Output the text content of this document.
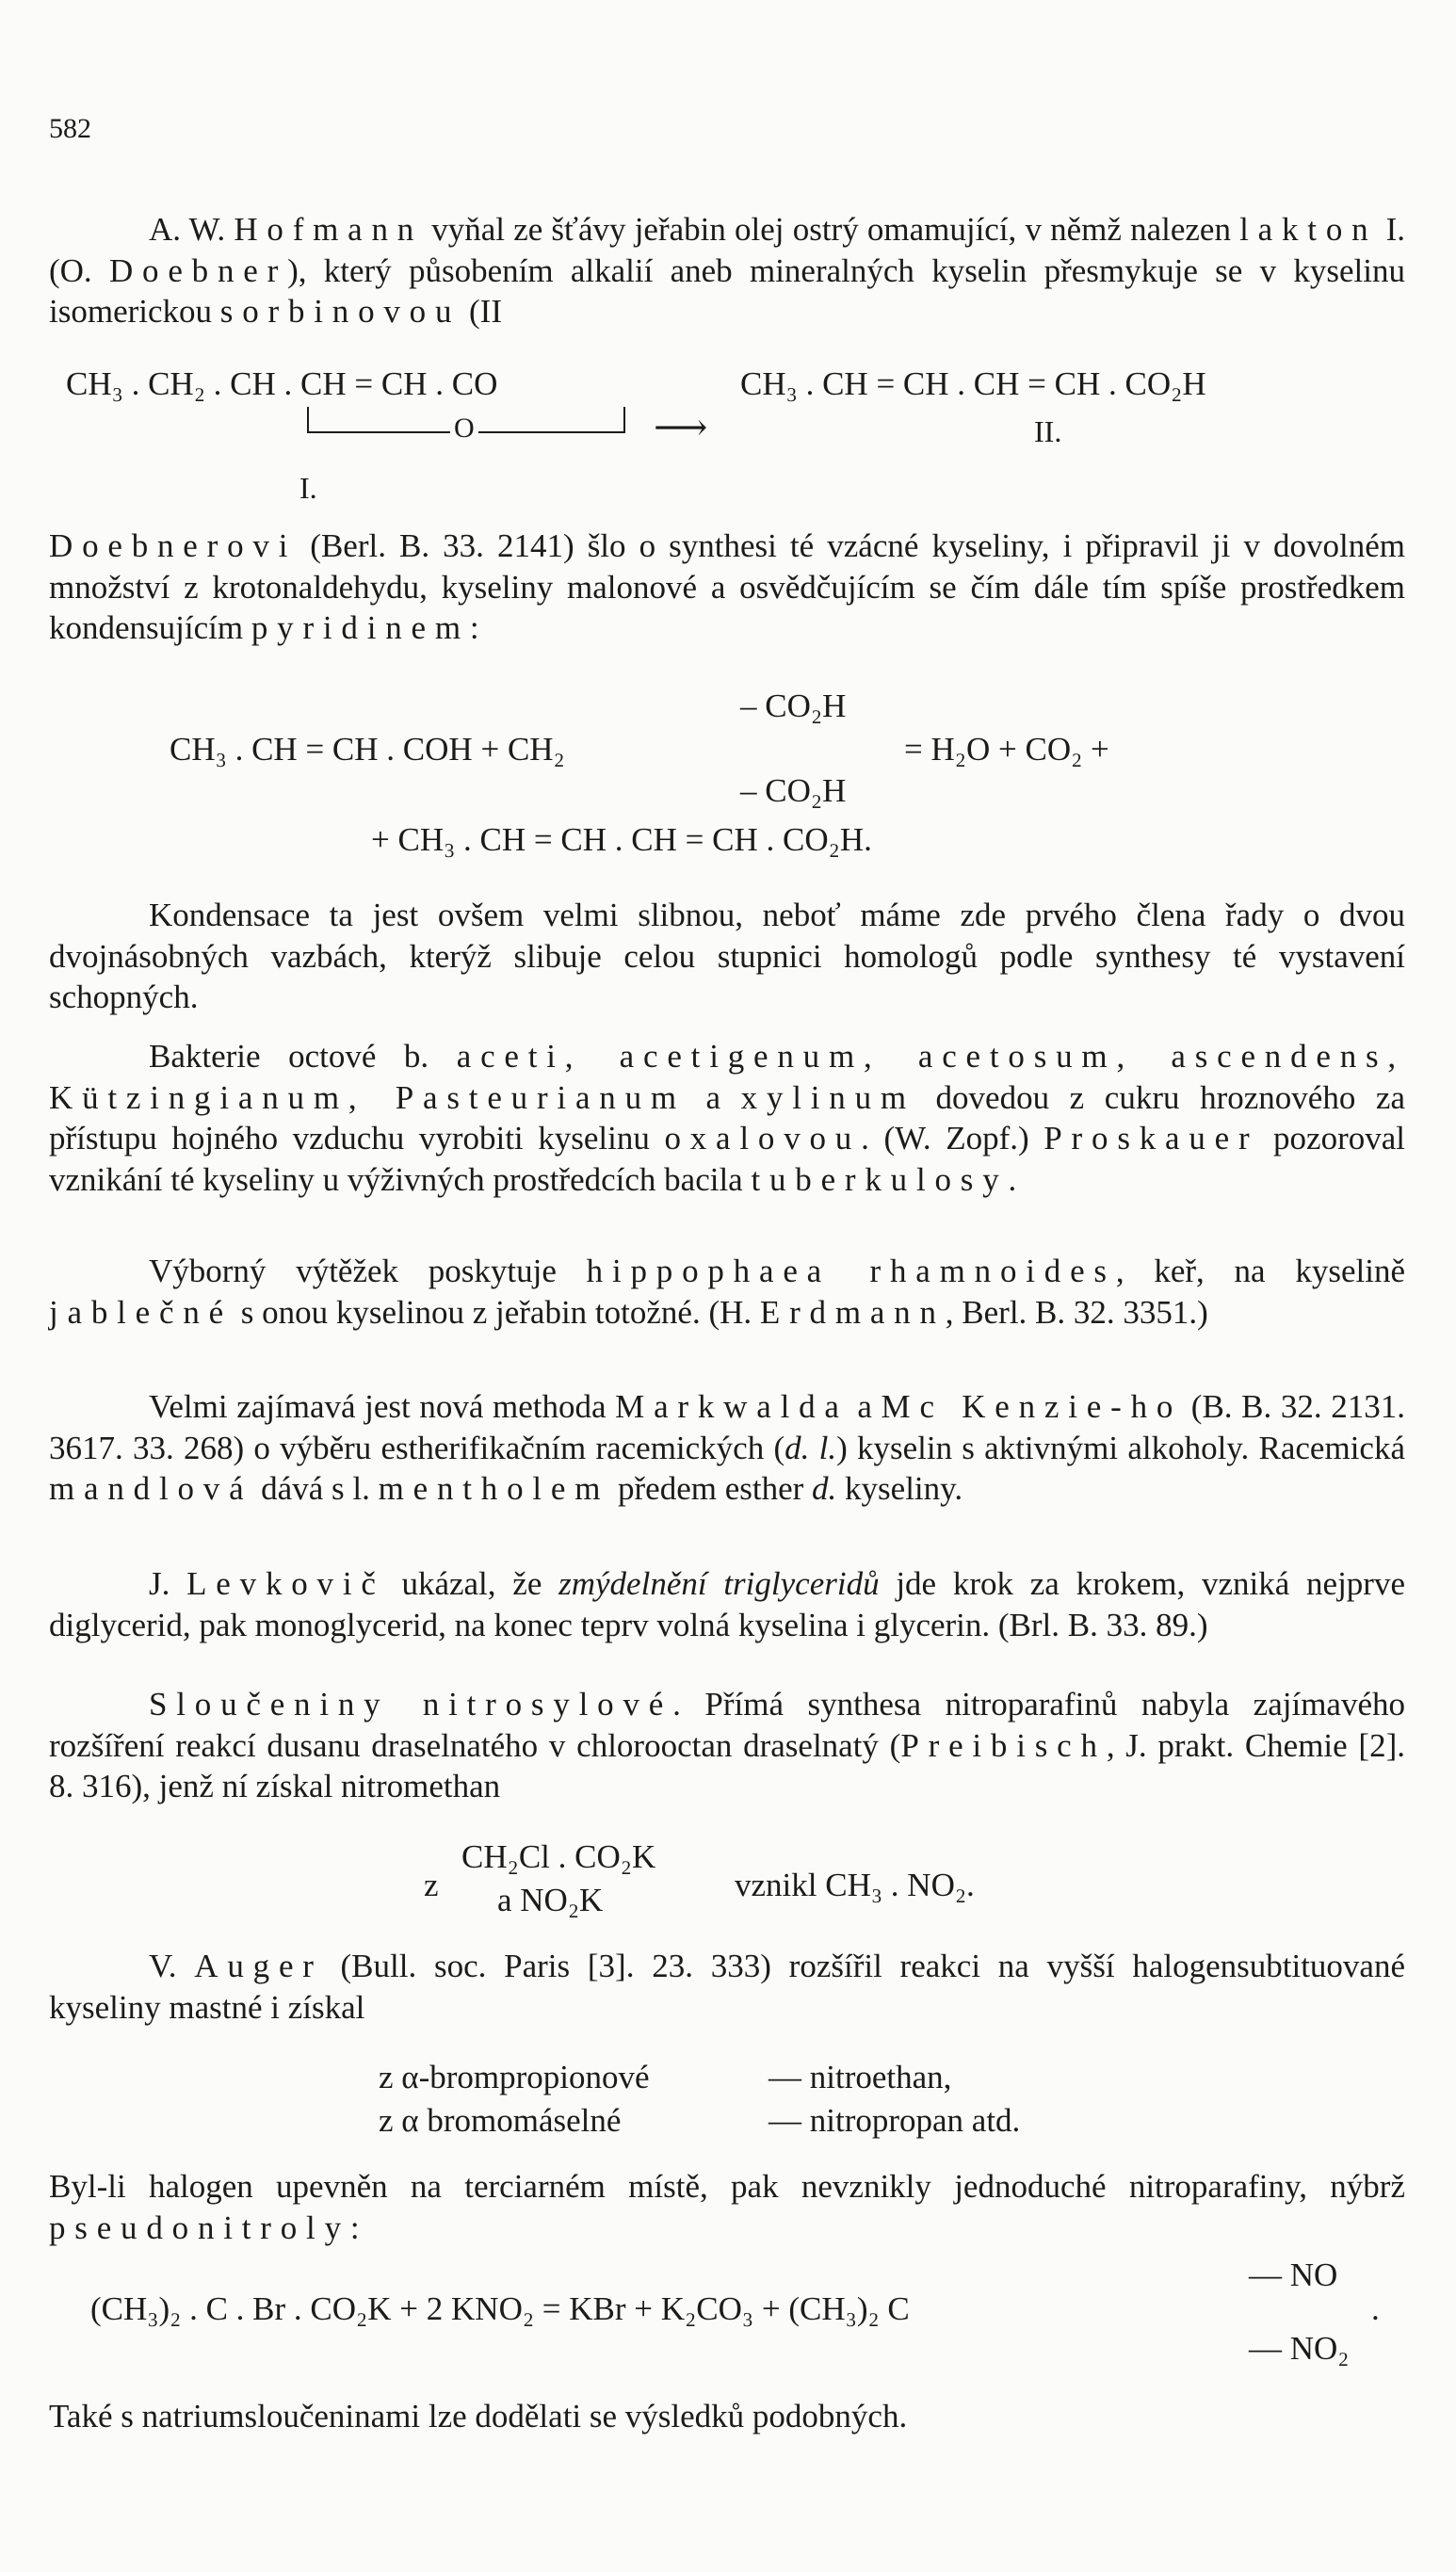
582
A. W. Hofmann vyňal ze šťávy jeřabin olej ostrý omamující, v němž nalezen lakton I. (O. Doebner), který působením alkalií aneb mineralných kyselin přesmykuje se v kyselinu isomerickou sorbinovou (II
CH₃ . CH₂ . CH . CH = CH . CO
O
I.
⟶
CH₃ . CH = CH . CH = CH . CO₂H
II.
Doebnerovi (Berl. B. 33. 2141) šlo o synthesi té vzácné kyseliny, i připravil ji v dovolném množství z krotonaldehydu, kyseliny malonové a osvědčujícím se čím dále tím spíše prostředkem kondensujícím pyridinem:
– CO₂H
CH₃ . CH = CH . COH + CH₂	= H₂O + CO₂ +
– CO₂H
+ CH₃ . CH = CH . CH = CH . CO₂H.
Kondensace ta jest ovšem velmi slibnou, neboť máme zde prvého člena řady o dvou dvojnásobných vazbách, kterýž slibuje celou stupnici homologů podle synthesy té vystavení schopných.
Bakterie octové b. aceti, acetigenum, acetosum, ascendens, Kützingianum, Pasteurianum a xylinum dovedou z cukru hroznového za přístupu hojného vzduchu vyrobiti kyselinu oxalovou. (W. Zopf.) Proskauer pozoroval vznikání té kyseliny u výživných prostředcích bacila tuberkulosy.
Výborný výtěžek poskytuje hippophaea rhamnoides, keř, na kyselině jablečné s onou kyselinou z jeřabin totožné. (H. Erdmann, Berl. B. 32. 3351.)
Velmi zajímavá jest nová methoda Markwalda a Mc Kenzie-ho (B. B. 32. 2131. 3617. 33. 268) o výběru estherifikačním racemických (d. l.) kyselin s aktivnými alkoholy. Racemická mandlová dává s l. mentholem předem esther d. kyseliny.
J. Levkovič ukázal, že zmýdelnění triglyceridů jde krok za krokem, vzniká nejprve diglycerid, pak monoglycerid, na konec teprv volná kyselina i glycerin. (Brl. B. 33. 89.)
Sloučeniny nitrosylové. Přímá synthesa nitroparafinů nabyla zajímavého rozšíření reakcí dusanu draselnatého v chlorooctan draselnatý (Preibisch, J. prakt. Chemie [2]. 8. 316), jenž ní získal nitromethan
z
CH₂Cl . CO₂K
a NO₂K	vznikl CH₃ . NO₂.
V. Auger (Bull. soc. Paris [3]. 23. 333) rozšířil reakci na vyšší halogensubtituované kyseliny mastné i získal
z α-brompropionové	— nitroethan,
z α bromomáselné	— nitropropan atd.
Byl-li halogen upevněn na terciarném místě, pak nevznikly jednoduché nitroparafiny, nýbrž pseudonitroly:
— NO
(CH₃)₂ . C . Br . CO₂K + 2 KNO₂ = KBr + K₂CO₃ + (CH₃)₂ C	.
— NO₂
Také s natriumsloučeninami lze dodělati se výsledků podobných.
